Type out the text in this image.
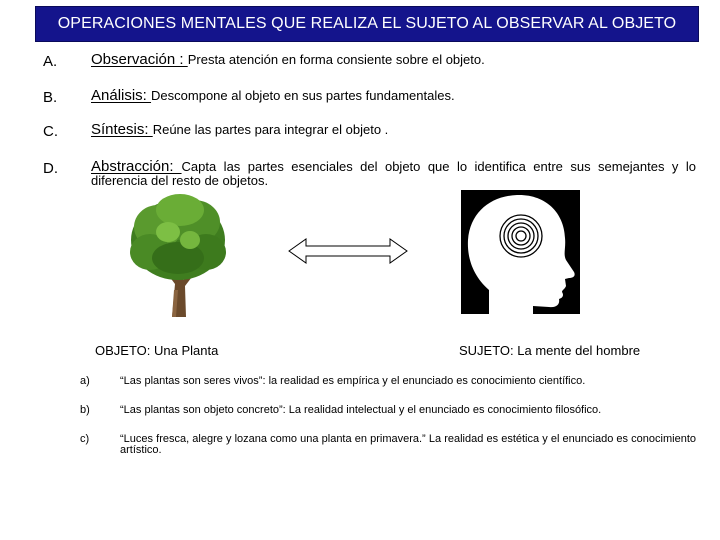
OPERACIONES MENTALES QUE REALIZA EL SUJETO AL OBSERVAR AL OBJETO
A. Observación : Presta atención en forma consiente sobre el objeto.
B. Análisis: Descompone al objeto en sus partes fundamentales.
C. Síntesis: Reúne las partes para integrar el objeto .
D. Abstracción: Capta las partes esenciales del objeto que lo identifica entre sus semejantes y lo diferencia del resto de objetos.
OBJETO: Una Planta	SUJETO: La mente del hombre
a)	“Las plantas son seres vivos”: la realidad es empírica y el enunciado es conocimiento científico.
b)	“Las plantas son objeto concreto”: La realidad intelectual y el enunciado es conocimiento filosófico.
c)	“Luces fresca, alegre y lozana como una planta en primavera.” La realidad es estética y el enunciado es conocimiento artístico.
